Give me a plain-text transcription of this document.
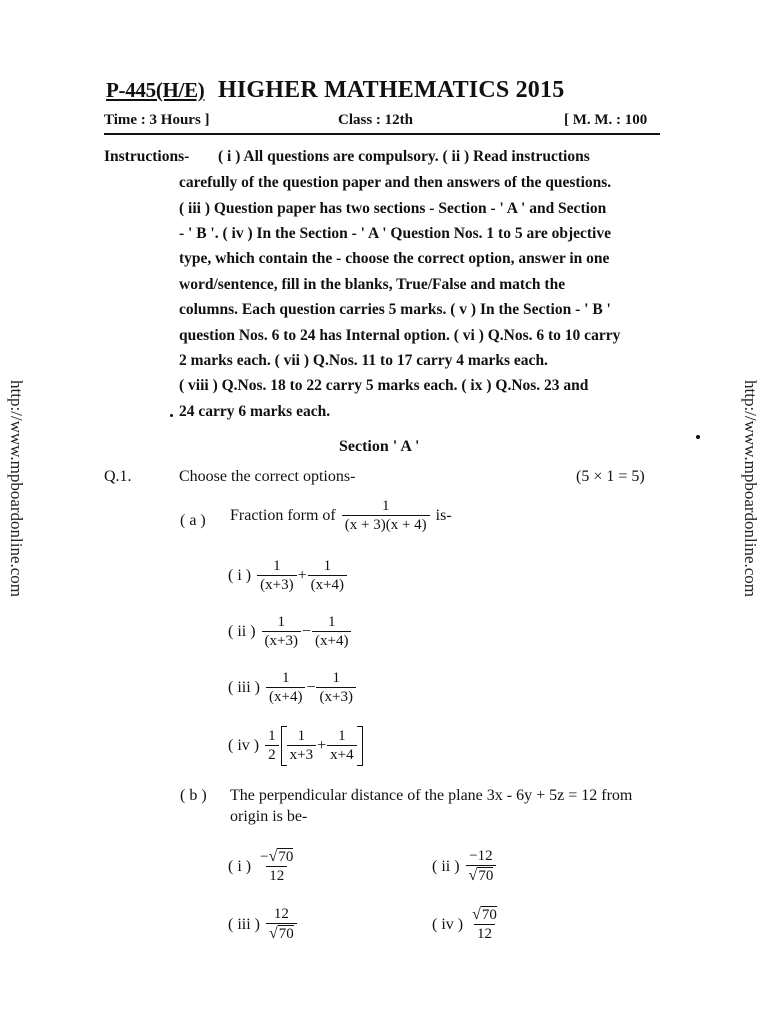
P-445(H/E) HIGHER MATHEMATICS 2015
Time : 3 Hours ]	Class : 12th	[ M. M. : 100
Instructions- ( i ) All questions are compulsory. ( ii ) Read instructions
carefully of the question paper and then answers of the questions.
( iii ) Question paper has two sections - Section - ' A ' and Section
- ' B '. ( iv ) In the Section - ' A ' Question Nos. 1 to 5 are objective
type, which contain the - choose the correct option, answer in one
word/sentence, fill in the blanks, True/False and match the
columns. Each question carries 5 marks. ( v ) In the Section - ' B '
question Nos. 6 to 24 has Internal option. ( vi ) Q.Nos. 6 to 10 carry
2 marks each. ( vii ) Q.Nos. 11 to 17 carry 4 marks each.
( viii ) Q.Nos. 18 to 22 carry 5 marks each. ( ix ) Q.Nos. 23 and
24 carry 6 marks each.
http://www.mpboardonline.com	http://www.mpboardonline.com
Section ' A '
Q.1.	Choose the correct options-	(5 × 1 = 5)
( a ) Fraction form of $\frac{1}{(x + 3)(x + 4)} is-$
( i ) $\frac{1}{(x+3)} + \frac{1}{(x+4)}$
( ii ) $\frac{1}{(x+3)} - \frac{1}{(x+4)}$
( iii ) $\frac{1}{(x+4)} - \frac{1}{(x+3)}$
( iv ) $\frac{1}{2} \frac{1}{x+3} + \frac{1}{x+4}$
( b ) The perpendicular distance of the plane 3x - 6y + 5z = 12 from
origin is be-
( i ) $\frac{-√70}{12}$	( ii ) $\frac{-12}{√70}$
( iii ) $\frac{12}{√70}$	( iv ) $\frac{√70}{12}$
